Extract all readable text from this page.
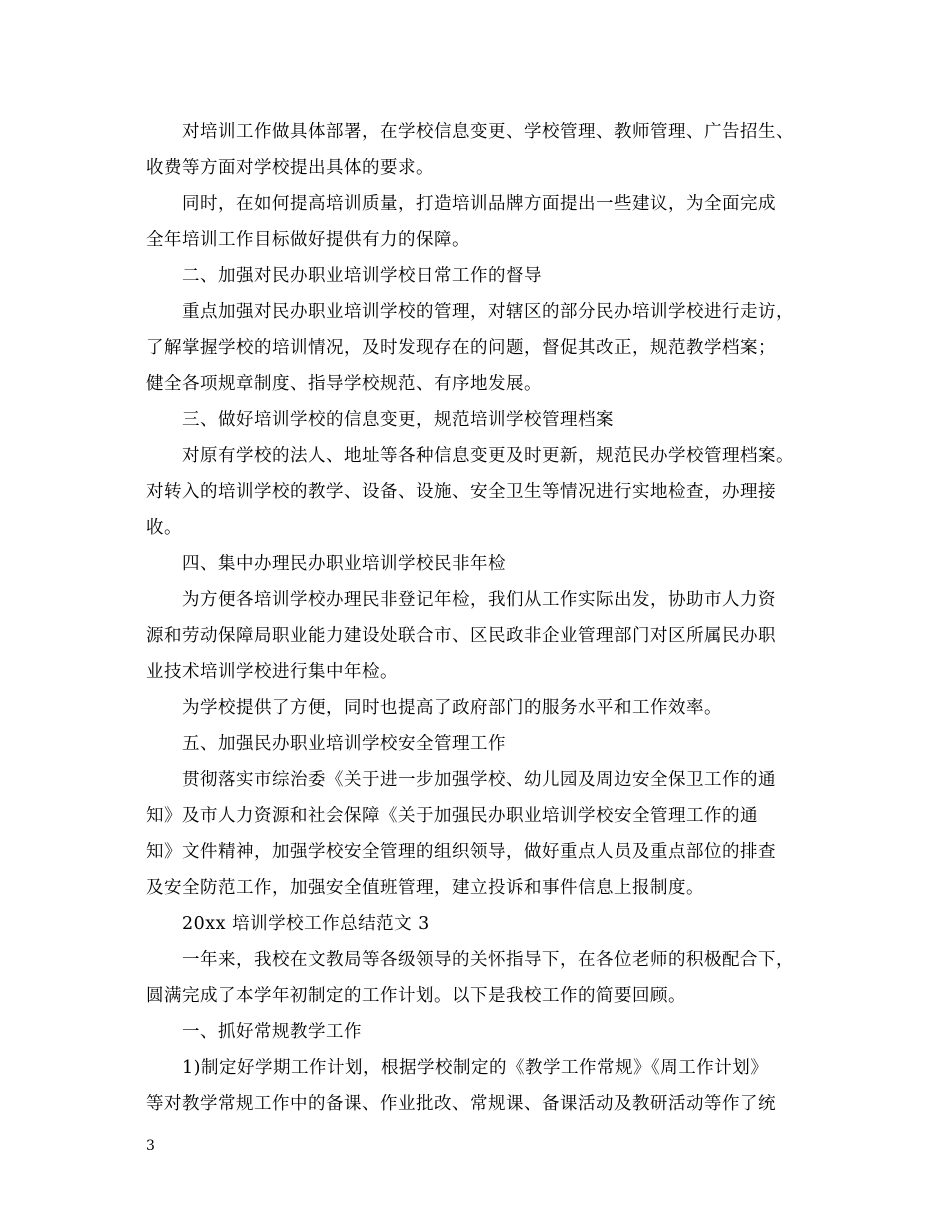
对培训工作做具体部署，在学校信息变更、学校管理、教师管理、广告招生、
收费等方面对学校提出具体的要求。
同时，在如何提高培训质量，打造培训品牌方面提出一些建议，为全面完成
全年培训工作目标做好提供有力的保障。
二、加强对民办职业培训学校日常工作的督导
重点加强对民办职业培训学校的管理，对辖区的部分民办培训学校进行走访，
了解掌握学校的培训情况，及时发现存在的问题，督促其改正，规范教学档案；
健全各项规章制度、指导学校规范、有序地发展。
三、做好培训学校的信息变更，规范培训学校管理档案
对原有学校的法人、地址等各种信息变更及时更新，规范民办学校管理档案。
对转入的培训学校的教学、设备、设施、安全卫生等情况进行实地检查，办理接
收。
四、集中办理民办职业培训学校民非年检
为方便各培训学校办理民非登记年检，我们从工作实际出发，协助市人力资
源和劳动保障局职业能力建设处联合市、区民政非企业管理部门对区所属民办职
业技术培训学校进行集中年检。
为学校提供了方便，同时也提高了政府部门的服务水平和工作效率。
五、加强民办职业培训学校安全管理工作
贯彻落实市综治委《关于进一步加强学校、幼儿园及周边安全保卫工作的通
知》及市人力资源和社会保障《关于加强民办职业培训学校安全管理工作的通
知》文件精神，加强学校安全管理的组织领导，做好重点人员及重点部位的排查
及安全防范工作，加强安全值班管理，建立投诉和事件信息上报制度。
20xx 培训学校工作总结范文 3
一年来，我校在文教局等各级领导的关怀指导下，在各位老师的积极配合下，
圆满完成了本学年初制定的工作计划。以下是我校工作的简要回顾。
一、抓好常规教学工作
1)制定好学期工作计划，根据学校制定的《教学工作常规》《周工作计划》
等对教学常规工作中的备课、作业批改、常规课、备课活动及教研活动等作了统
3
